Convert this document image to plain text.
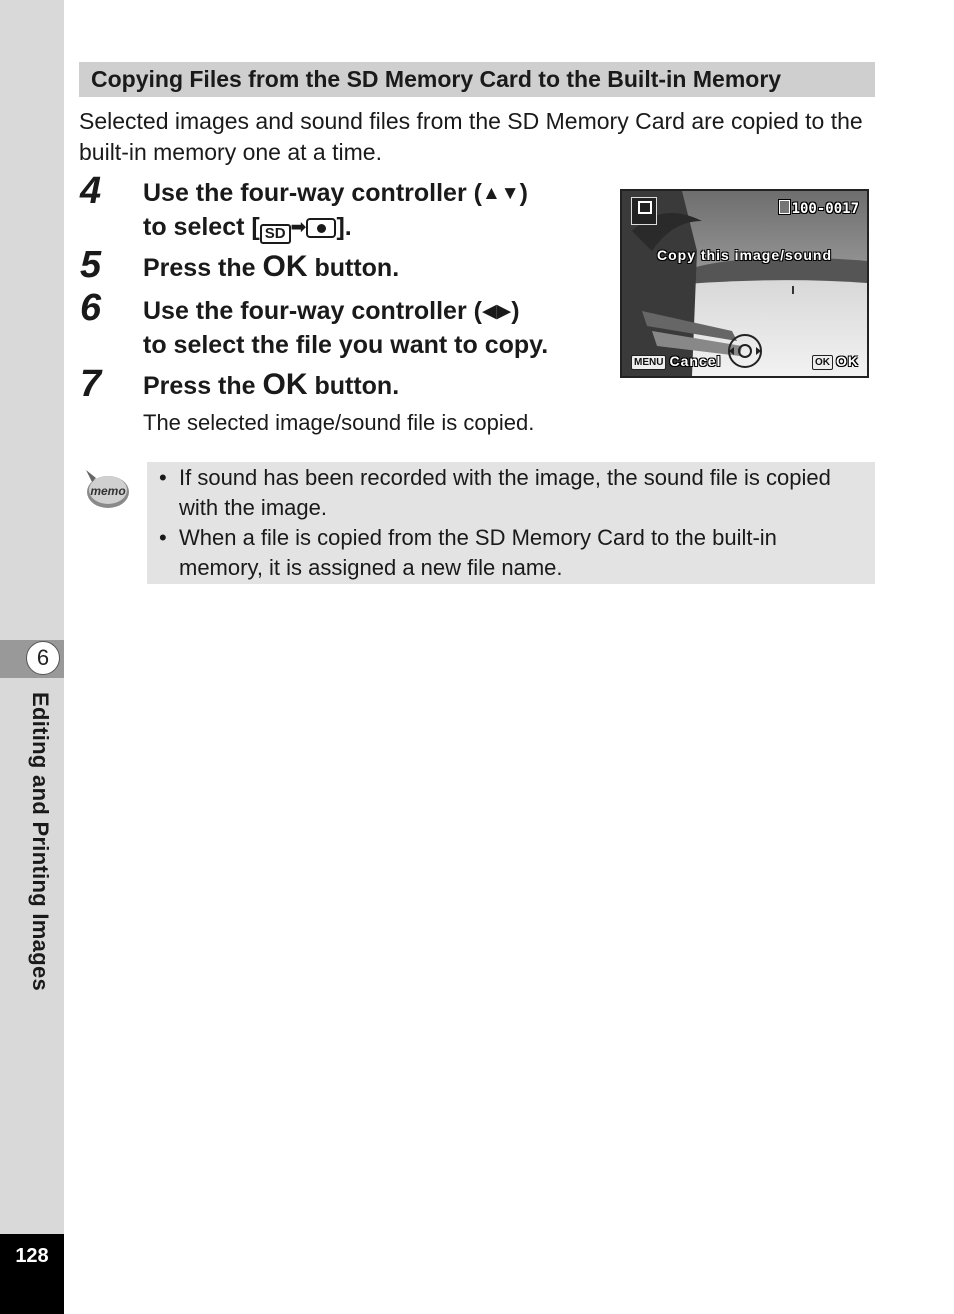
6
Editing and Printing Images
128
Copying Files from the SD Memory Card to the Built-in Memory

Selected images and sound files from the SD Memory Card are copied to the built-in memory one at a time.

4 Use the four-way controller (▲▼)
to select [ SD ➡ ].
5 Press the OK button.
6 Use the four-way controller (◀▶)
to select the file you want to copy.
7 Press the OK button.
The selected image/sound file is copied.
100-0017
Copy this image/sound
MENU Cancel	OK OK
memo

• If sound has been recorded with the image, the sound file is copied with the image.

• When a file is copied from the SD Memory Card to the built-in memory, it is assigned a new file name.
